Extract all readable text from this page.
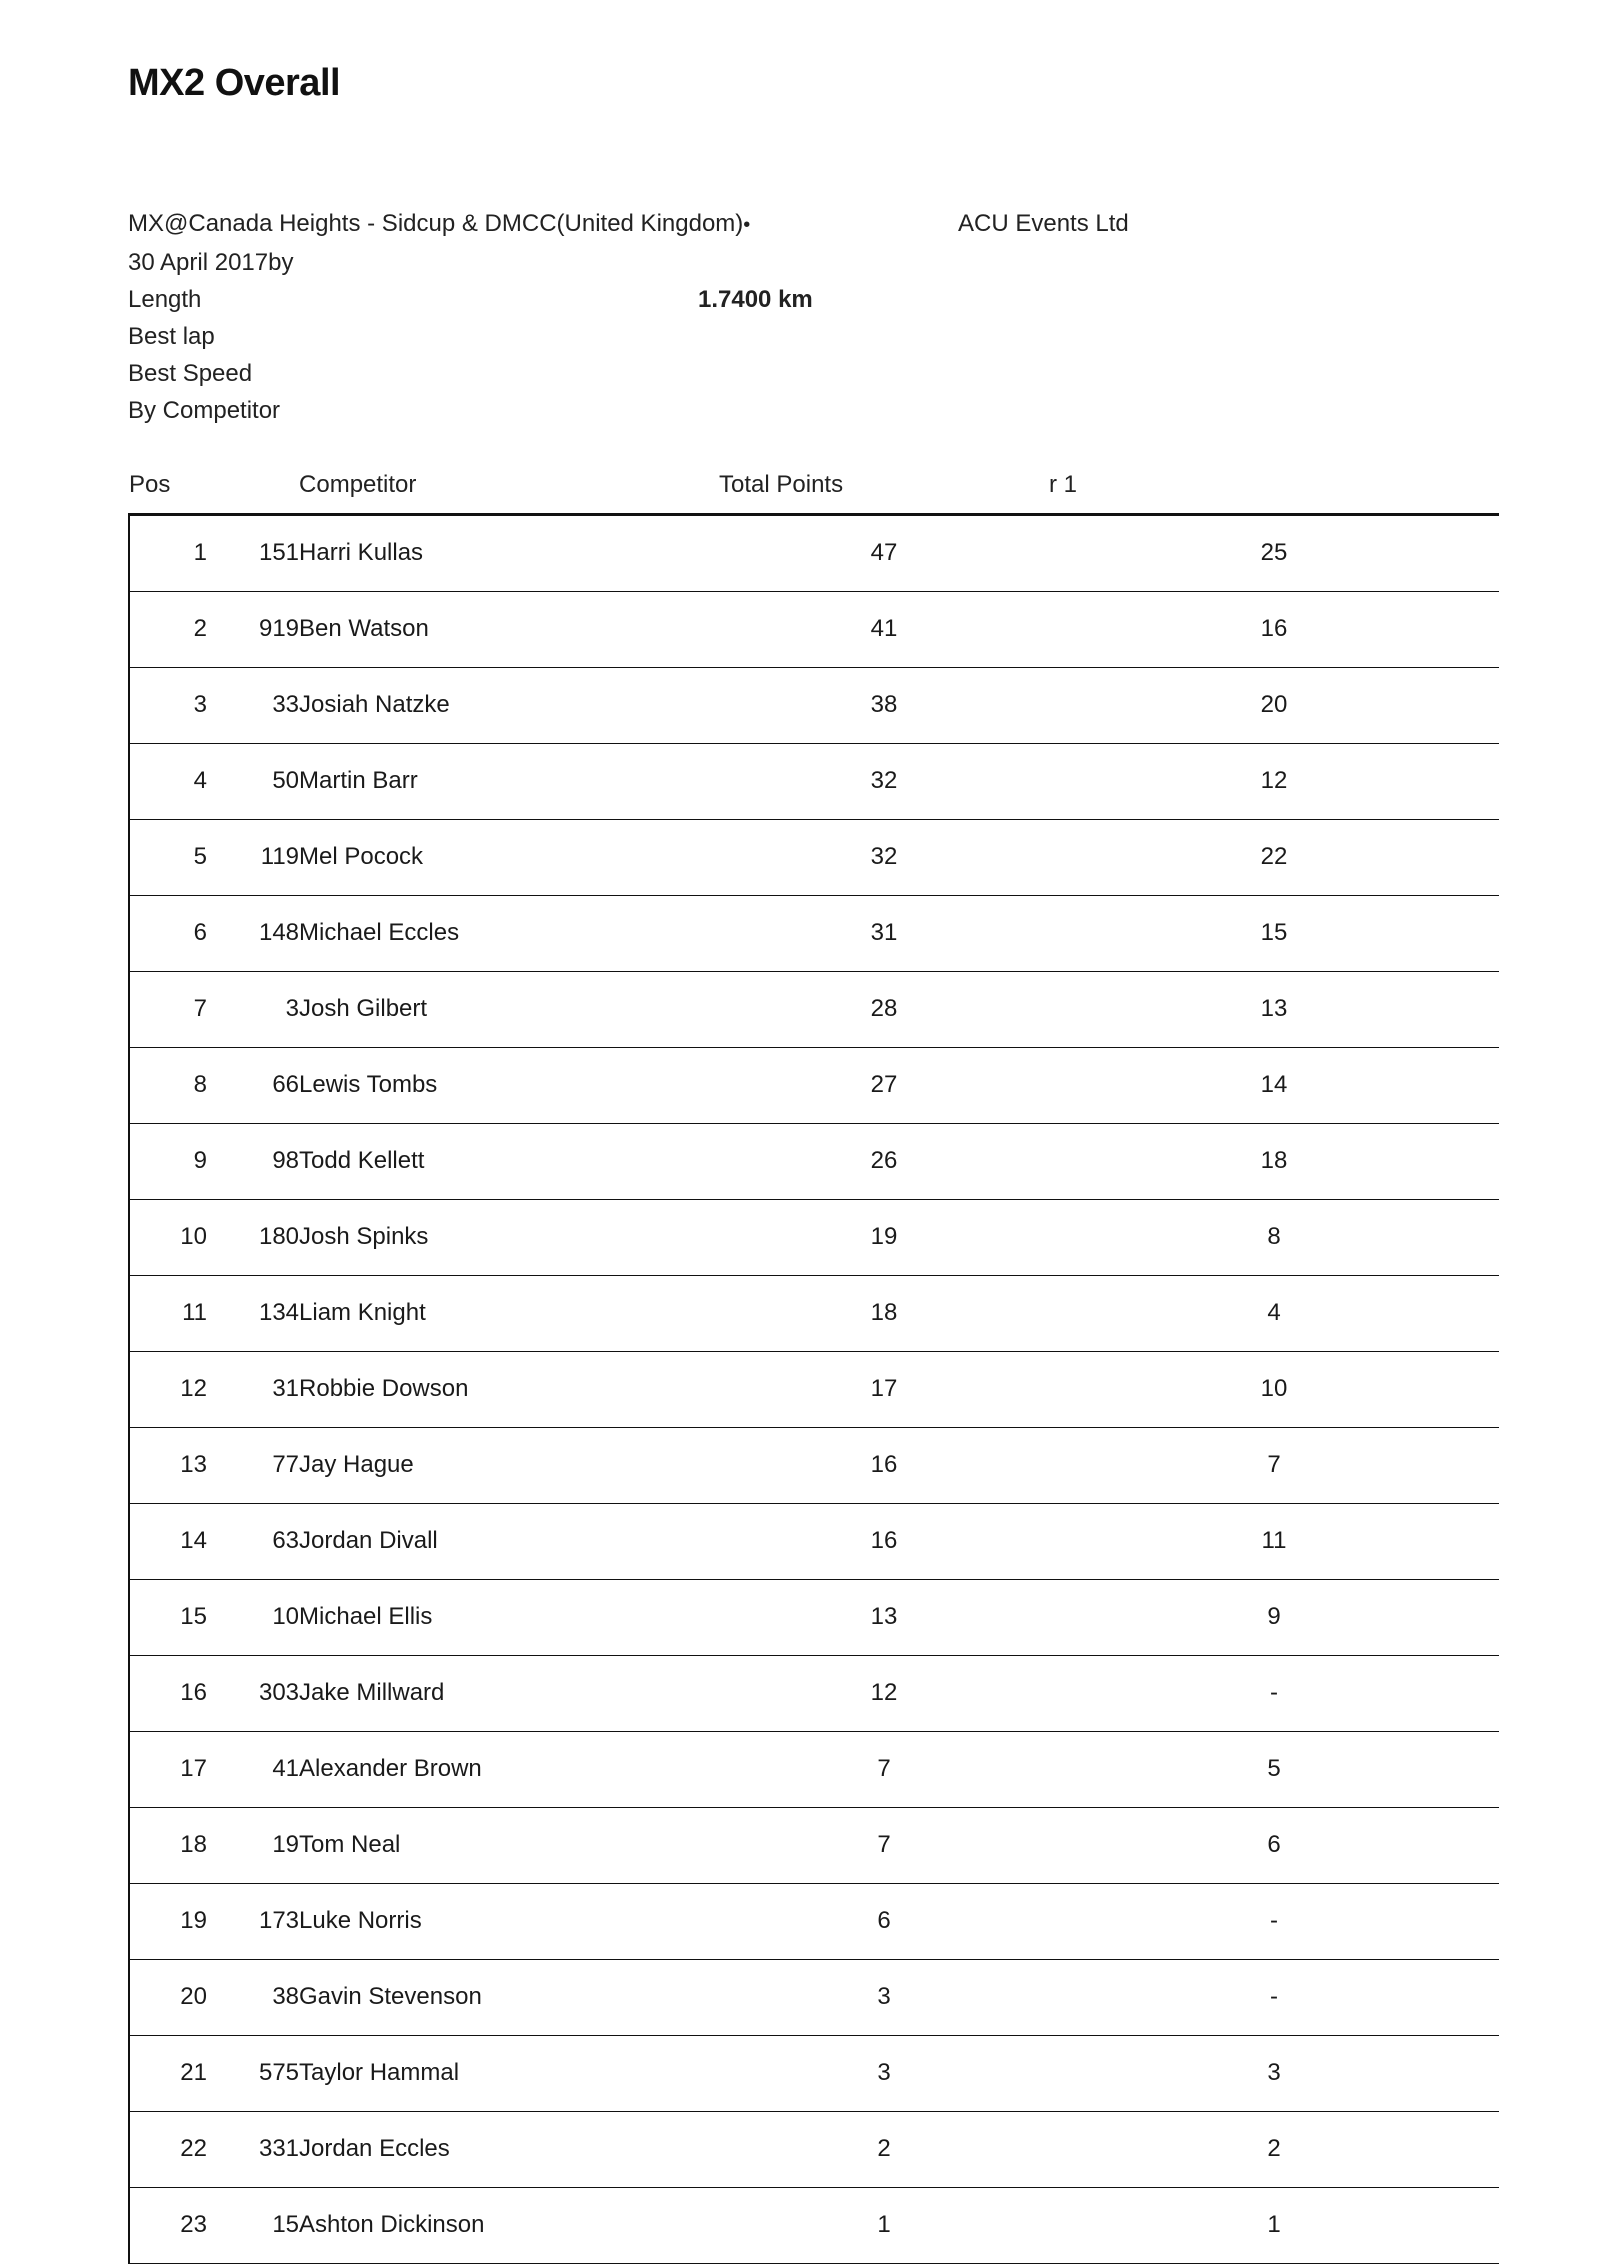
MX2 Overall
MX@Canada Heights - Sidcup & DMCC(United Kingdom)•	ACU Events Ltd
30 April 2017by
Length	1.7400 km
Best lap
Best Speed
By Competitor
Pos		Competitor	Total Points	r 1
1	151	Harri Kullas	47	25
2	919	Ben Watson	41	16
3	33	Josiah Natzke	38	20
4	50	Martin Barr	32	12
5	119	Mel Pocock	32	22
6	148	Michael Eccles	31	15
7	3	Josh Gilbert	28	13
8	66	Lewis Tombs	27	14
9	98	Todd Kellett	26	18
10	180	Josh Spinks	19	8
11	134	Liam Knight	18	4
12	31	Robbie Dowson	17	10
13	77	Jay Hague	16	7
14	63	Jordan Divall	16	11
15	10	Michael Ellis	13	9
16	303	Jake Millward	12	-
17	41	Alexander Brown	7	5
18	19	Tom Neal	7	6
19	173	Luke Norris	6	-
20	38	Gavin Stevenson	3	-
21	575	Taylor Hammal	3	3
22	331	Jordan Eccles	2	2
23	15	Ashton Dickinson	1	1
